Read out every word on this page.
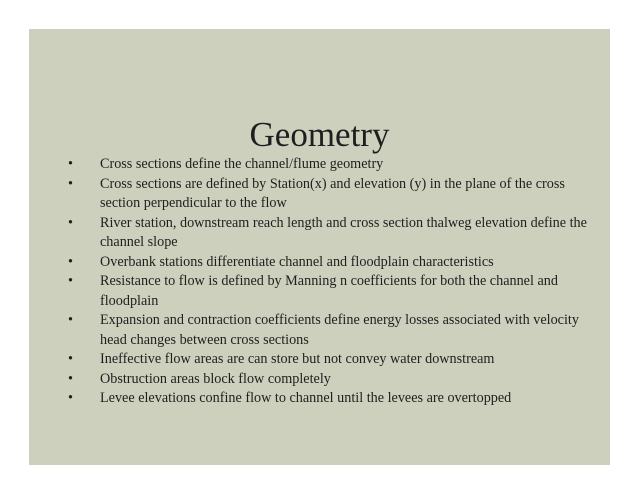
Geometry
• Cross sections define the channel/flume geometry
• Cross sections are defined by Station(x) and elevation (y) in the plane of the cross section perpendicular to the flow
• River station, downstream reach length and cross section thalweg elevation define the channel slope
• Overbank stations differentiate channel and floodplain characteristics
• Resistance to flow is defined by Manning n coefficients for both the channel and floodplain
• Expansion and contraction coefficients define energy losses associated with velocity head changes between cross sections
• Ineffective flow areas are can store but not convey water downstream
• Obstruction areas block flow completely
• Levee elevations confine flow to channel until the levees are overtopped
